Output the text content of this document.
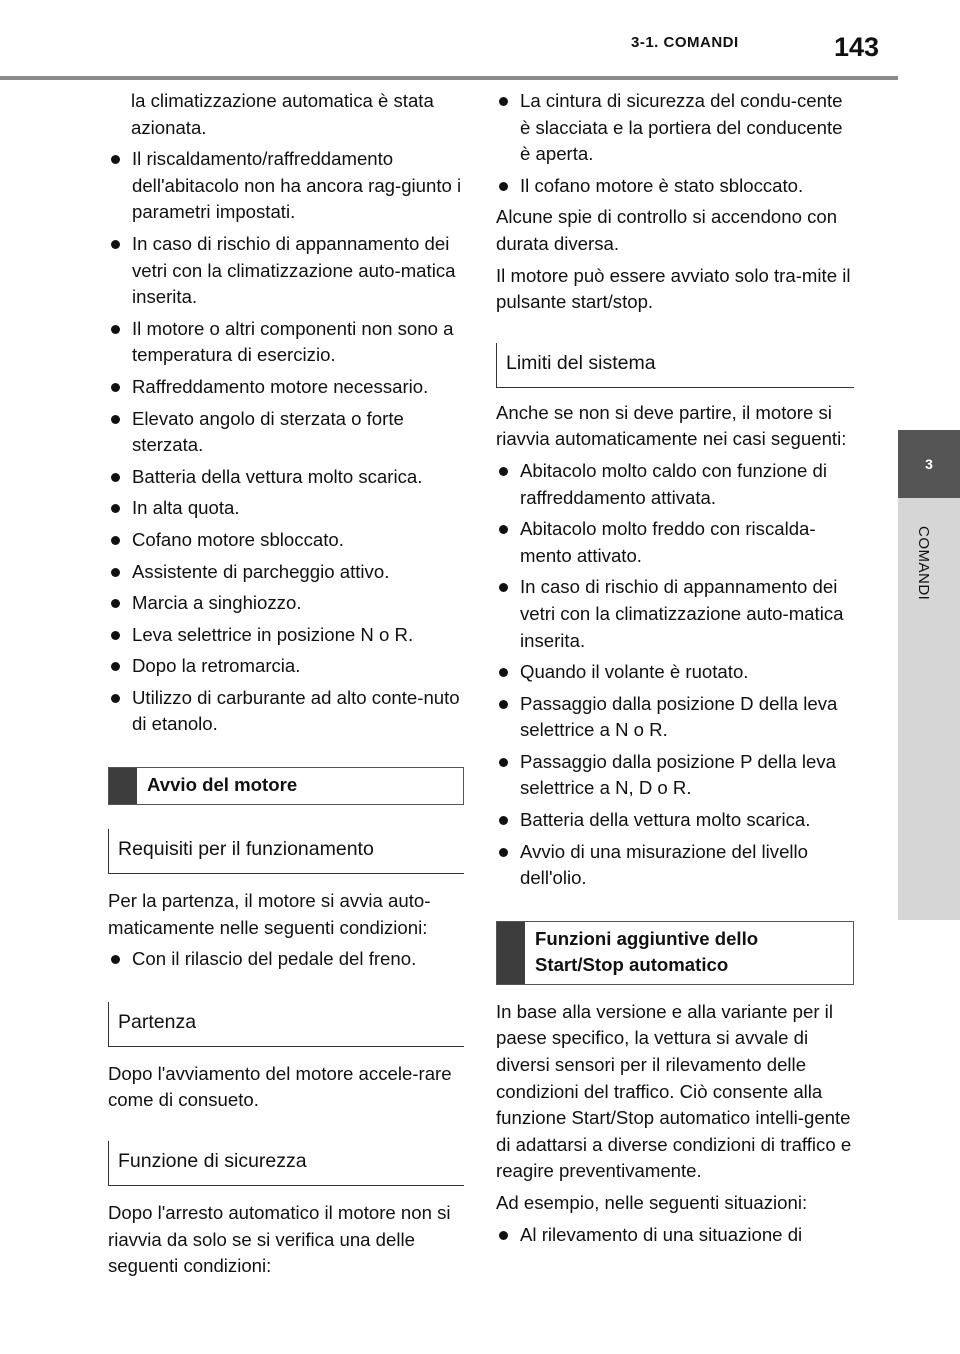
3-1. COMANDI	143
3
COMANDI

la climatizzazione automatica è stata azionata.

Il riscaldamento/raffreddamento dell'abitacolo non ha ancora rag-giunto i parametri impostati.
In caso di rischio di appannamento dei vetri con la climatizzazione auto-matica inserita.
Il motore o altri componenti non sono a temperatura di esercizio.
Raffreddamento motore necessario.
Elevato angolo di sterzata o forte sterzata.
Batteria della vettura molto scarica.
In alta quota.
Cofano motore sbloccato.
Assistente di parcheggio attivo.
Marcia a singhiozzo.
Leva selettrice in posizione N o R.
Dopo la retromarcia.
Utilizzo di carburante ad alto conte-nuto di etanolo.
Avvio del motore
Requisiti per il funzionamento

Per la partenza, il motore si avvia auto-maticamente nelle seguenti condizioni:

Con il rilascio del pedale del freno.
Partenza

Dopo l'avviamento del motore accele-rare come di consueto.

Funzione di sicurezza

Dopo l'arresto automatico il motore non si riavvia da solo se si verifica una delle seguenti condizioni:

La cintura di sicurezza del condu-cente è slacciata e la portiera del conducente è aperta.
Il cofano motore è stato sbloccato.

Alcune spie di controllo si accendono con durata diversa.

Il motore può essere avviato solo tra-mite il pulsante start/stop.

Limiti del sistema

Anche se non si deve partire, il motore si riavvia automaticamente nei casi seguenti:

Abitacolo molto caldo con funzione di raffreddamento attivata.
Abitacolo molto freddo con riscalda-mento attivato.
In caso di rischio di appannamento dei vetri con la climatizzazione auto-matica inserita.
Quando il volante è ruotato.
Passaggio dalla posizione D della leva selettrice a N o R.
Passaggio dalla posizione P della leva selettrice a N, D o R.
Batteria della vettura molto scarica.
Avvio di una misurazione del livello dell'olio.
Funzioni aggiuntive dello Start/Stop automatico

In base alla versione e alla variante per il paese specifico, la vettura si avvale di diversi sensori per il rilevamento delle condizioni del traffico. Ciò consente alla funzione Start/Stop automatico intelli-gente di adattarsi a diverse condizioni di traffico e reagire preventivamente.

Ad esempio, nelle seguenti situazioni:

Al rilevamento di una situazione di
